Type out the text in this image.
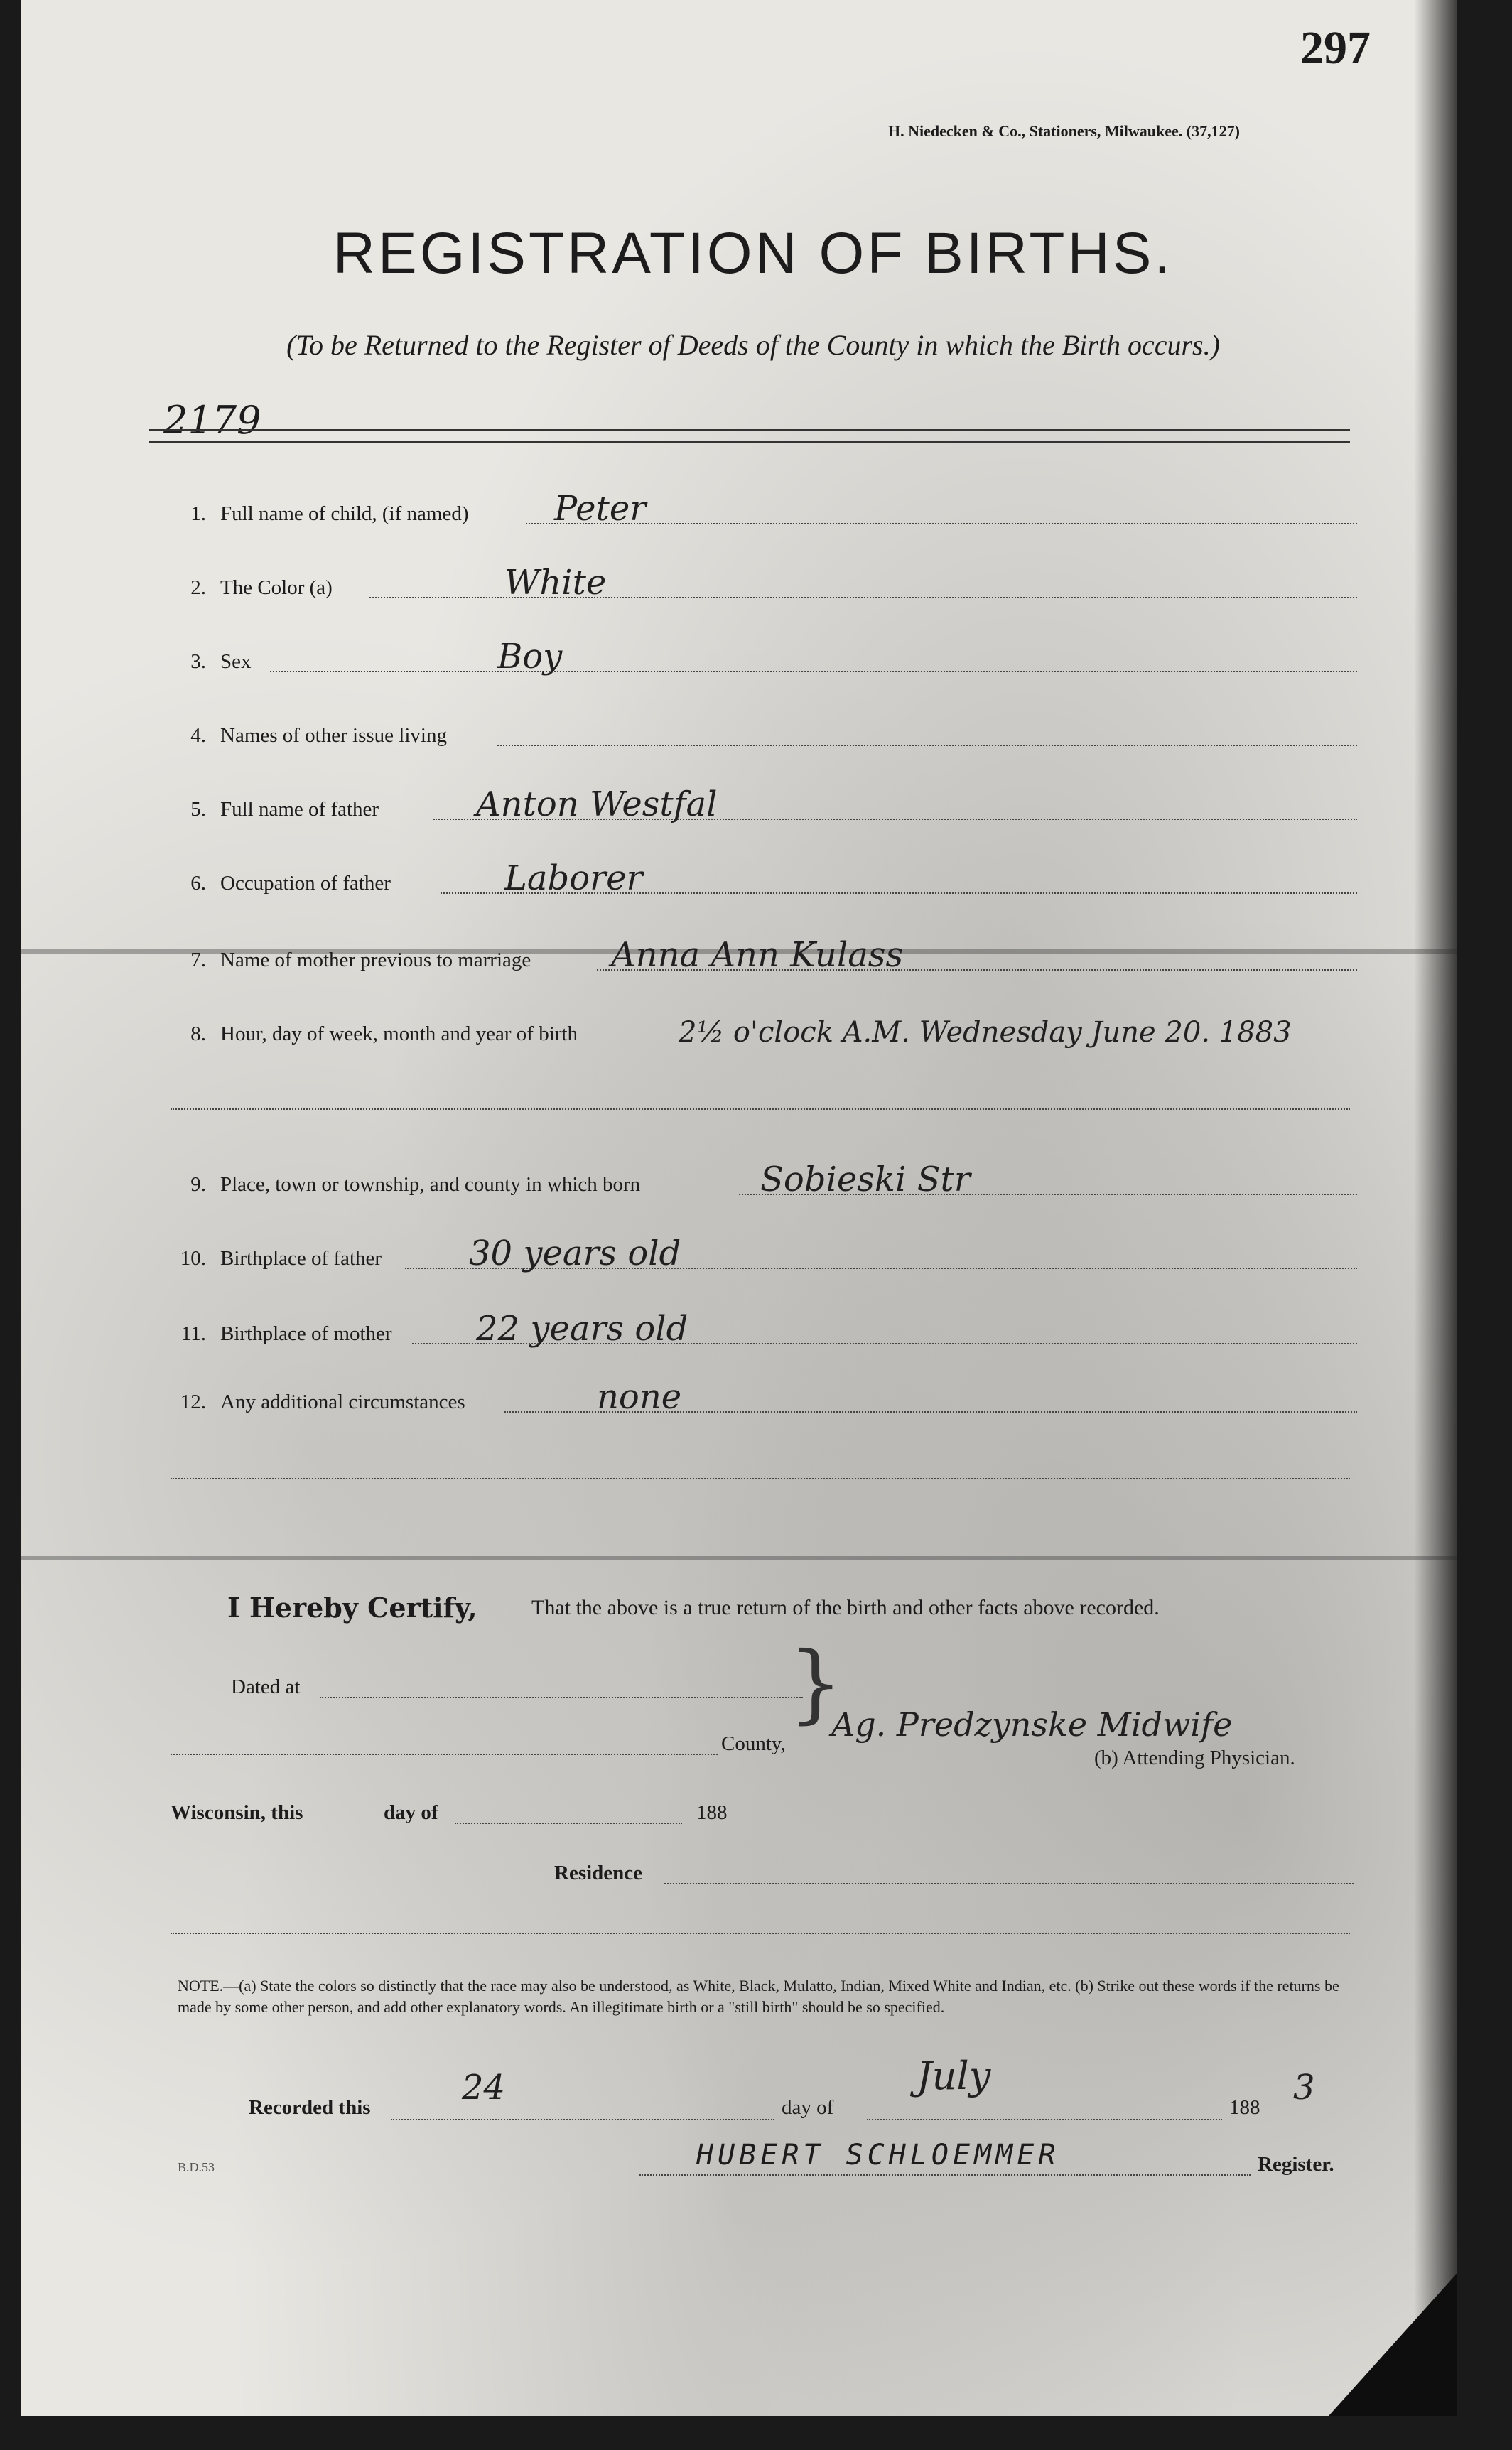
297
H. Niedecken & Co., Stationers, Milwaukee. (37,127)
REGISTRATION OF BIRTHS.
(To be Returned to the Register of Deeds of the County in which the Birth occurs.)
2179
1. Full name of child, (if named)	Peter
2. The Color (a)	White
3. Sex	Boy
4. Names of other issue living
5. Full name of father	Anton Westfal
6. Occupation of father	Laborer
7. Name of mother previous to marriage Anna Ann Kulass
8. Hour, day of week, month and year of birth	2½ o'clock A.M. Wednesday June 20. 1883
9. Place, town or township, and county in which born	Sobieski Str
10. Birthplace of father	30 years old
11. Birthplace of mother 22 years old
12. Any additional circumstances	none
I Hereby Certify,	That the above is a true return of the birth and other facts above recorded.
Dated at
County,
Wisconsin, this	day of	188
}
Ag. Predzynske Midwife
(b) Attending Physician.
Residence
NOTE.—(a) State the colors so distinctly that the race may also be understood, as White, Black, Mulatto, Indian, Mixed White and Indian, etc. (b) Strike out these words if the returns be made by some other person, and add other explanatory words. An illegitimate birth or a "still birth" should be so specified.
Recorded this	24	day of
July
188 3
B.D.53	HUBERT SCHLOEMMER	Register.
